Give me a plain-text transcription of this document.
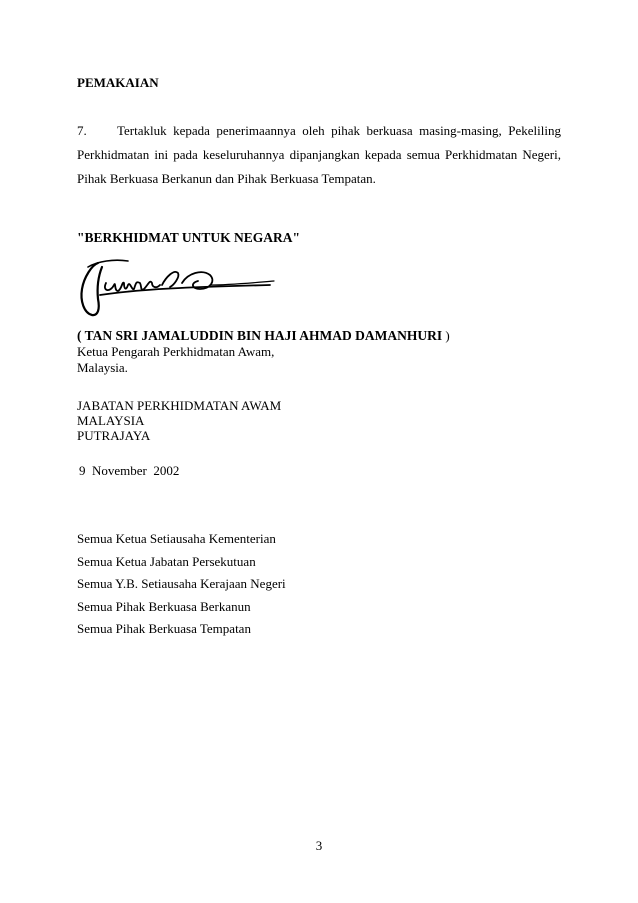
PEMAKAIAN
7. Tertakluk kepada penerimaannya oleh pihak berkuasa masing-masing, Pekeliling
Perkhidmatan ini pada keseluruhannya dipanjangkan kepada semua Perkhidmatan Negeri,
Pihak Berkuasa Berkanun dan Pihak Berkuasa Tempatan.
"BERKHIDMAT UNTUK NEGARA"
( TAN SRI JAMALUDDIN BIN HAJI AHMAD DAMANHURI )
Ketua Pengarah Perkhidmatan Awam,
Malaysia.
JABATAN PERKHIDMATAN AWAM
MALAYSIA
PUTRAJAYA
9  November  2002
Semua Ketua Setiausaha Kementerian
Semua Ketua Jabatan Persekutuan
Semua Y.B. Setiausaha Kerajaan Negeri
Semua Pihak Berkuasa Berkanun
Semua Pihak Berkuasa Tempatan
3
